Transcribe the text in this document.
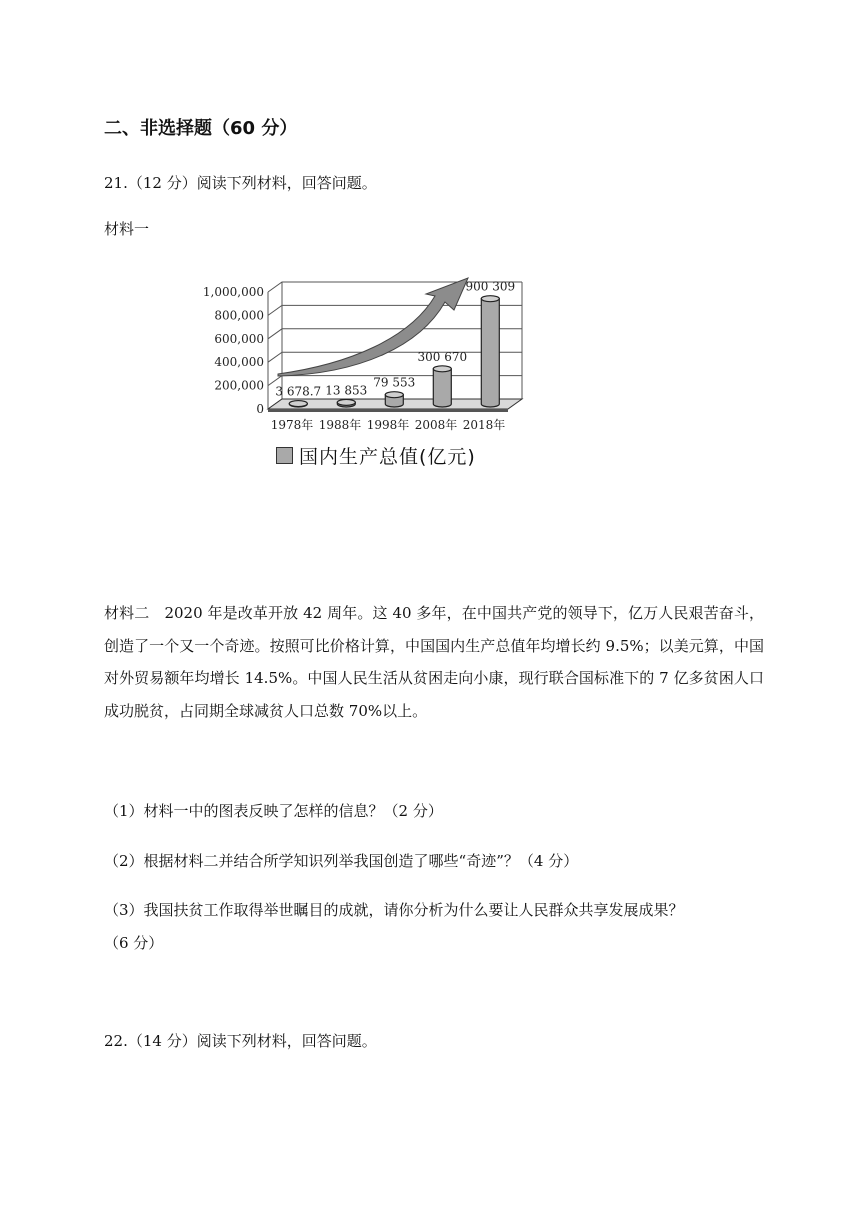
二、非选择题（60 分）
21.（12 分）阅读下列材料，回答问题。
材料一
0
200,000
400,000
600,000
800,000
1,000,000
3 678.7 13 853
79 553
300 670
900 309
1978年 1988年 1998年 2008年 2018年
国内生产总值(亿元)
材料二　2020 年是改革开放 42 周年。这 40 多年，在中国共产党的领导下，亿万人民艰苦奋斗，创造了一个又一个奇迹。按照可比价格计算，中国国内生产总值年均增长约 9.5%；以美元算，中国对外贸易额年均增长 14.5%。中国人民生活从贫困走向小康，现行联合国标准下的 7 亿多贫困人口成功脱贫，占同期全球减贫人口总数 70%以上。
（1）材料一中的图表反映了怎样的信息？（2 分）
（2）根据材料二并结合所学知识列举我国创造了哪些“奇迹”？（4 分）
（3）我国扶贫工作取得举世瞩目的成就，请你分析为什么要让人民群众共享发展成果？
（6 分）
22.（14 分）阅读下列材料，回答问题。
